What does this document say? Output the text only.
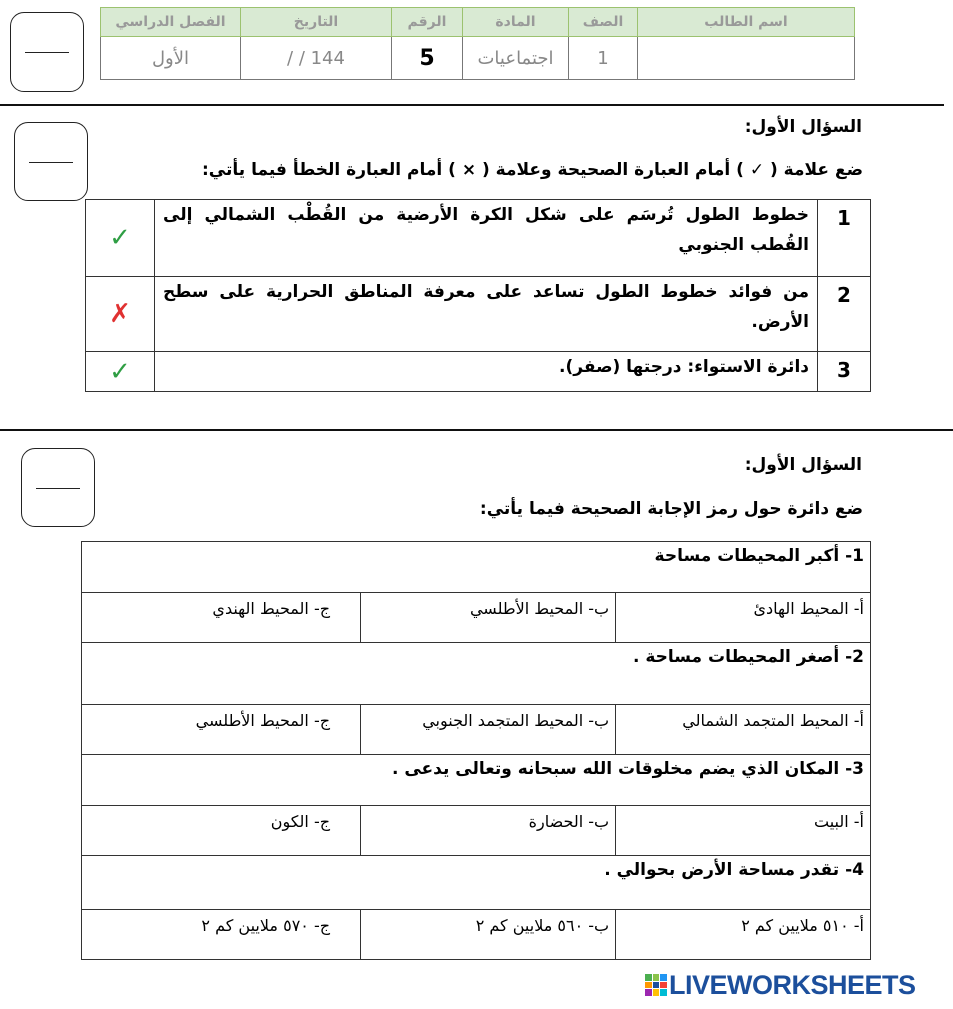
اسم الطالب	الصف	المادة	الرقم	التاريخ	الفصل الدراسي
	1	اجتماعيات	5	/ / 144	الأول
السؤال الأول:
ضع علامة ( ✓ ) أمام العبارة الصحيحة وعلامة ( × ) أمام العبارة الخطأ فيما يأتي:
1	خطوط الطول تُرسَم على شكل الكرة الأرضية من القُطْب الشمالي إلى القُطب الجنوبي	✓
2	من فوائد خطوط الطول تساعد على معرفة المناطق الحرارية على سطح الأرض.	✗
3	دائرة الاستواء: درجتها (صفر).	✓
السؤال الأول:
ضع دائرة حول رمز الإجابة الصحيحة فيما يأتي:
1- أكبر المحيطات مساحة		
أ- المحيط الهادئ	ب- المحيط الأطلسي	ج- المحيط الهندي
2- أصغر المحيطات مساحة .		
أ- المحيط المتجمد الشمالي	ب- المحيط المتجمد الجنوبي	ج- المحيط الأطلسي
3- المكان الذي يضم مخلوقات الله سبحانه وتعالى يدعى .		
أ- البيت	ب- الحضارة	ج- الكون
4- تقدر مساحة الأرض بحوالي .		
أ- ٥١٠ ملايين كم ٢	ب- ٥٦٠ ملايين كم ٢	ج- ٥٧٠ ملايين كم ٢
LIVEWORKSHEETS
